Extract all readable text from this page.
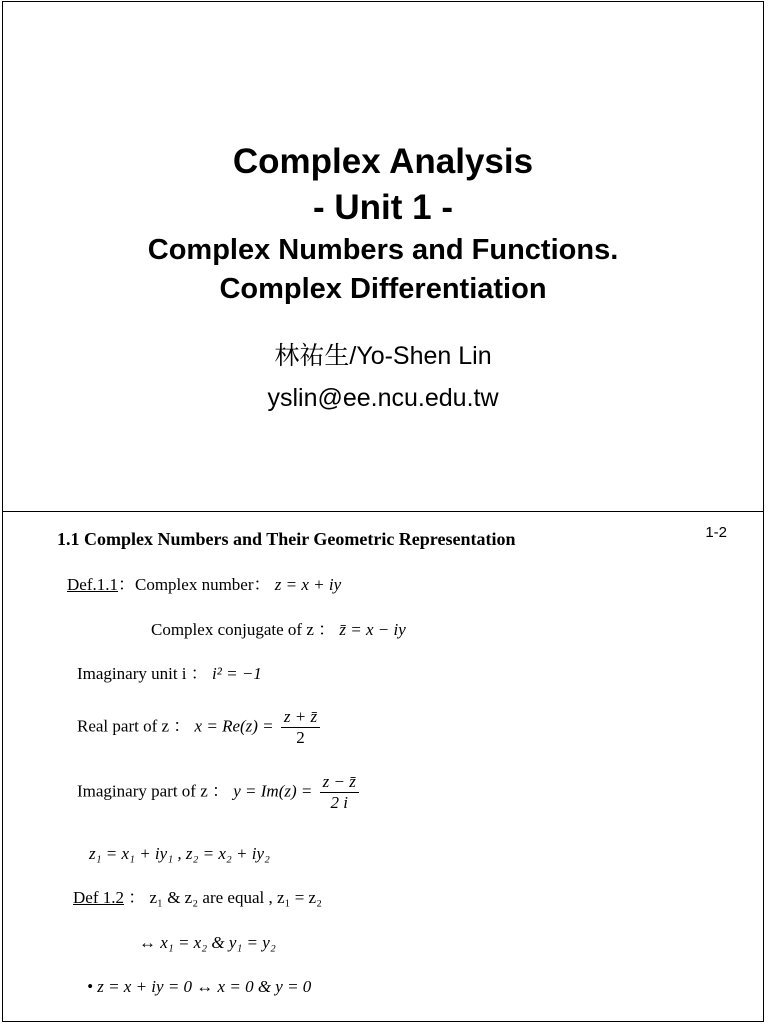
Complex Analysis
- Unit 1 -
Complex Numbers and Functions.
Complex Differentiation
林祐生/Yo-Shen Lin
yslin@ee.ncu.edu.tw
1-2
1.1 Complex Numbers and Their Geometric Representation
Def.1.1：Complex number： z = x + iy
Complex conjugate of z ： z̄ = x − iy
Imaginary unit i ： i² = −1
Real part of z ： $x = Re(z) = \frac{z + z̄}{2}$
Imaginary part of z ： $y = Im(z) = \frac{z - z̄}{2 i}$
z₁ = x₁ + iy₁ , z₂ = x₂ + iy₂
Def 1.2 ： z₁ & z₂ are equal , z₁ = z₂
↔ x₁ = x₂ & y₁ = y₂
• z = x + iy = 0 ↔ x = 0 & y = 0
